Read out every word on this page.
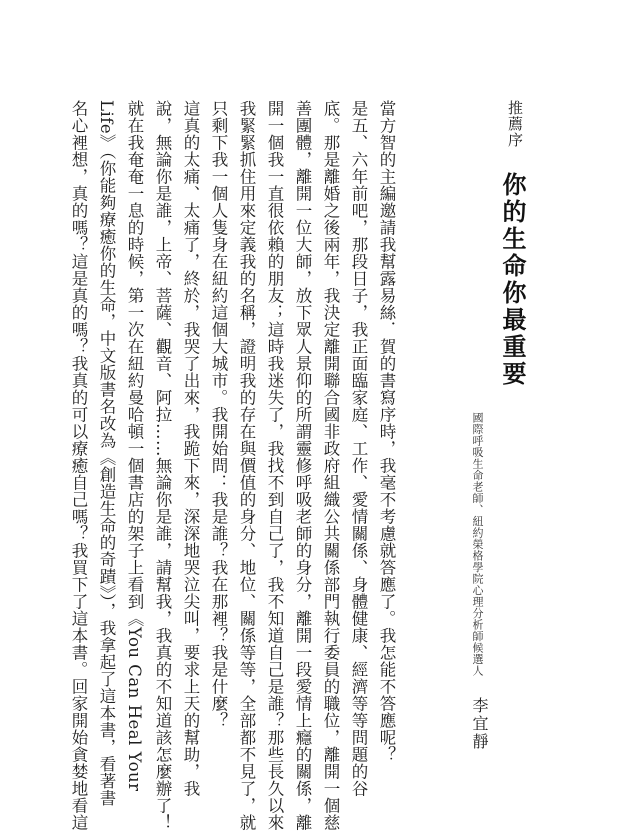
推薦序
你的生命你最重要
國際呼吸生命老師、紐約榮格學院心理分析師候選人
李宜靜
當方智的主編邀請我幫露易絲．賀的書寫序時，我毫不考慮就答應了。我怎能不答應呢？
是五、六年前吧，那段日子，我正面臨家庭、工作、愛情關係、身體健康、經濟等等問題的谷
底。那是離婚之後兩年，我決定離開聯合國非政府組織公共關係部門執行委員的職位，離開一個慈
善團體，離開一位大師，放下眾人景仰的所謂靈修呼吸老師的身分，離開一段愛情上癮的關係，離
開一個我一直很依賴的朋友；這時我迷失了，我找不到自己了，我不知道自己是誰？那些長久以來
我緊緊抓住用來定義我的名稱，證明我的存在與價值的身分、地位、關係等等，全部都不見了，就
只剩下我一個人隻身在紐約這個大城市。我開始問：我是誰？我在那裡？我是什麼？
這真的太痛、太痛了，終於，我哭了出來，我跪下來，深深地哭泣尖叫，要求上天的幫助，我
說，無論你是誰，上帝、菩薩、觀音、阿拉……無論你是誰，請幫我，我真的不知道該怎麼辦了！
就在我奄奄一息的時候，第一次在紐約曼哈頓一個書店的架子上看到《You Can Heal Your
Life》（你能夠療癒你的生命，中文版書名改為《創造生命的奇蹟》），我拿起了這本書，看著書
名心裡想，真的嗎？這是真的嗎？我真的可以療癒自己嗎？我買下了這本書。回家開始貪婪地看這
